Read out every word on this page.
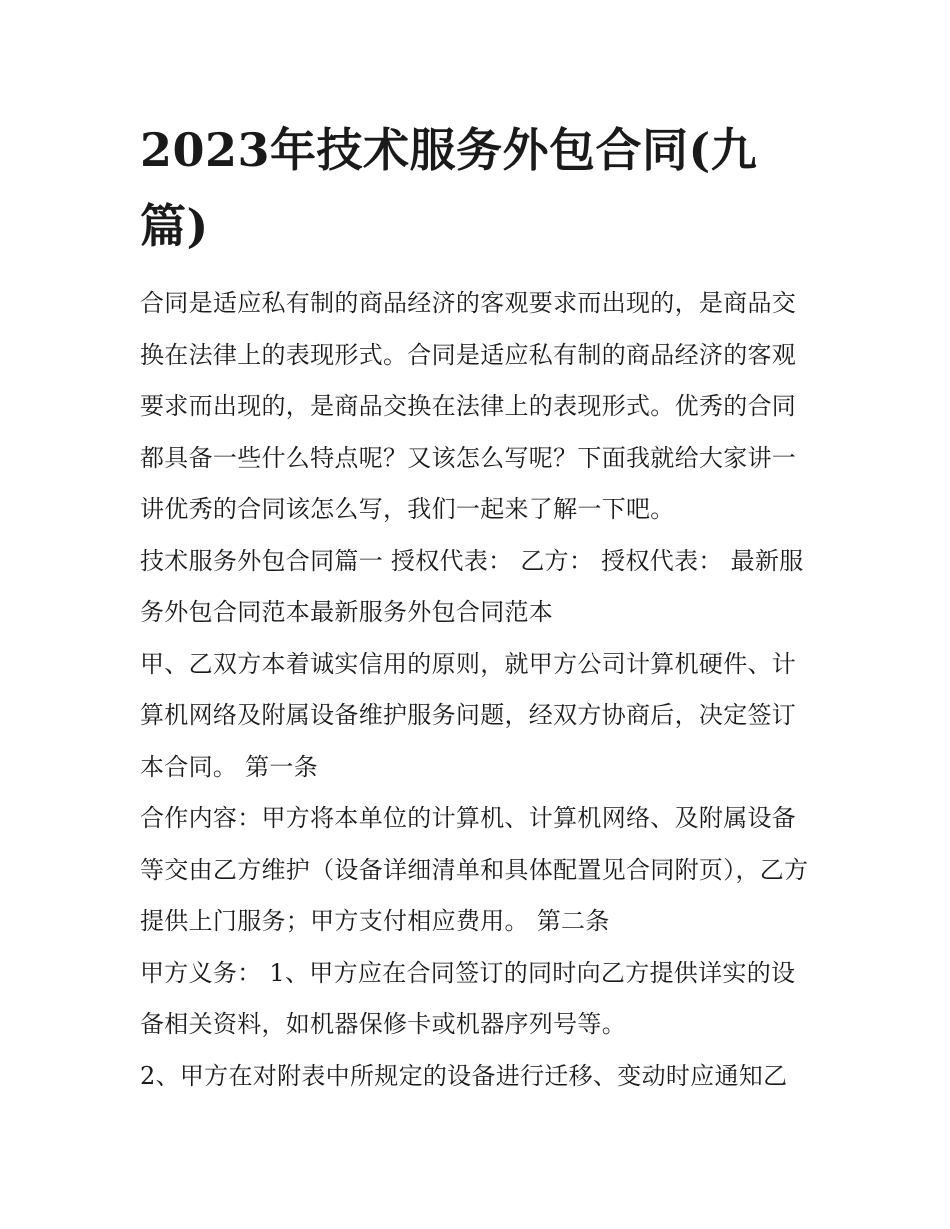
2023年技术服务外包合同(九篇)

合同是适应私有制的商品经济的客观要求而出现的，是商品交换在法律上的表现形式。合同是适应私有制的商品经济的客观要求而出现的，是商品交换在法律上的表现形式。优秀的合同都具备一些什么特点呢？又该怎么写呢？下面我就给大家讲一讲优秀的合同该怎么写，我们一起来了解一下吧。

技术服务外包合同篇一 授权代表： 乙方： 授权代表： 最新服务外包合同范本最新服务外包合同范本

甲、乙双方本着诚实信用的原则，就甲方公司计算机硬件、计算机网络及附属设备维护服务问题，经双方协商后，决定签订本合同。 第一条

合作内容：甲方将本单位的计算机、计算机网络、及附属设备等交由乙方维护（设备详细清单和具体配置见合同附页），乙方提供上门服务；甲方支付相应费用。 第二条

甲方义务： 1、甲方应在合同签订的同时向乙方提供详实的设备相关资料，如机器保修卡或机器序列号等。

2、甲方在对附表中所规定的设备进行迁移、变动时应通知乙
